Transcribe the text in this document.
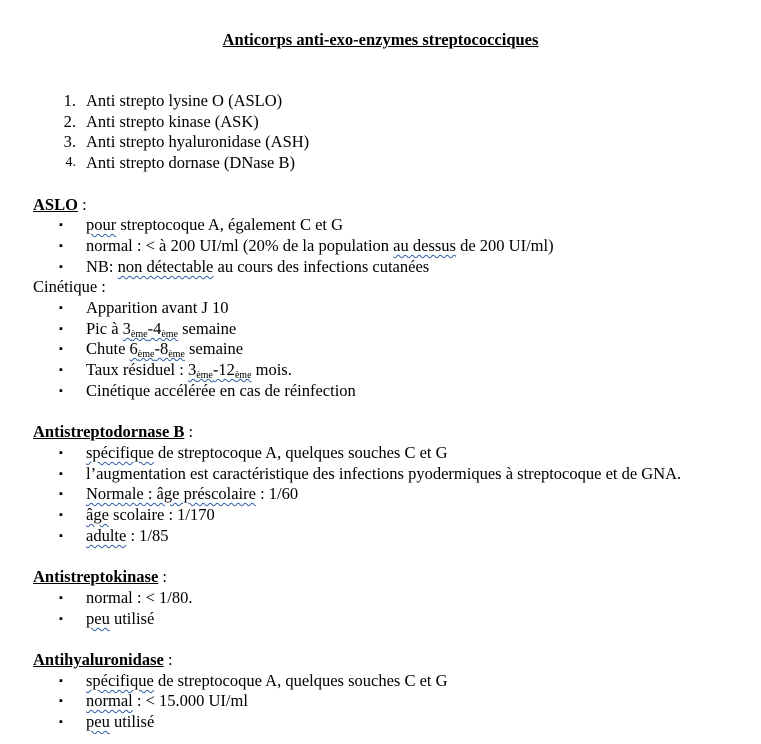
Anticorps anti-exo-enzymes streptococciques
1. Anti strepto lysine O (ASLO)
2. Anti strepto kinase (ASK)
3. Anti strepto hyaluronidase (ASH)
4. Anti strepto dornase (DNase B)
ASLO :
▪ pour streptocoque A, également C et G
▪ normal : < à 200 UI/ml (20% de la population au dessus de 200 UI/ml)
▪ NB: non détectable au cours des infections cutanées
Cinétique :
▪ Apparition avant J 10
▪ Pic à $3_{ème}-4_{ème}$ semaine
▪ Chute $6_{ème}-8_{ème}$ semaine
▪ Taux résiduel : $3_{ème}-12_{ème}$ mois.
▪ Cinétique accélérée en cas de réinfection
Antistreptodornase B :
▪ spécifique de streptocoque A, quelques souches C et G
▪ l’augmentation est caractéristique des infections pyodermiques à streptocoque et de GNA.
▪ Normale : âge préscolaire : 1/60
▪ âge scolaire : 1/170
▪ adulte : 1/85
Antistreptokinase :
▪ normal : < 1/80.
▪ peu utilisé
Antihyaluronidase :
▪ spécifique de streptocoque A, quelques souches C et G
▪ normal : < 15.000 UI/ml
▪ peu utilisé
